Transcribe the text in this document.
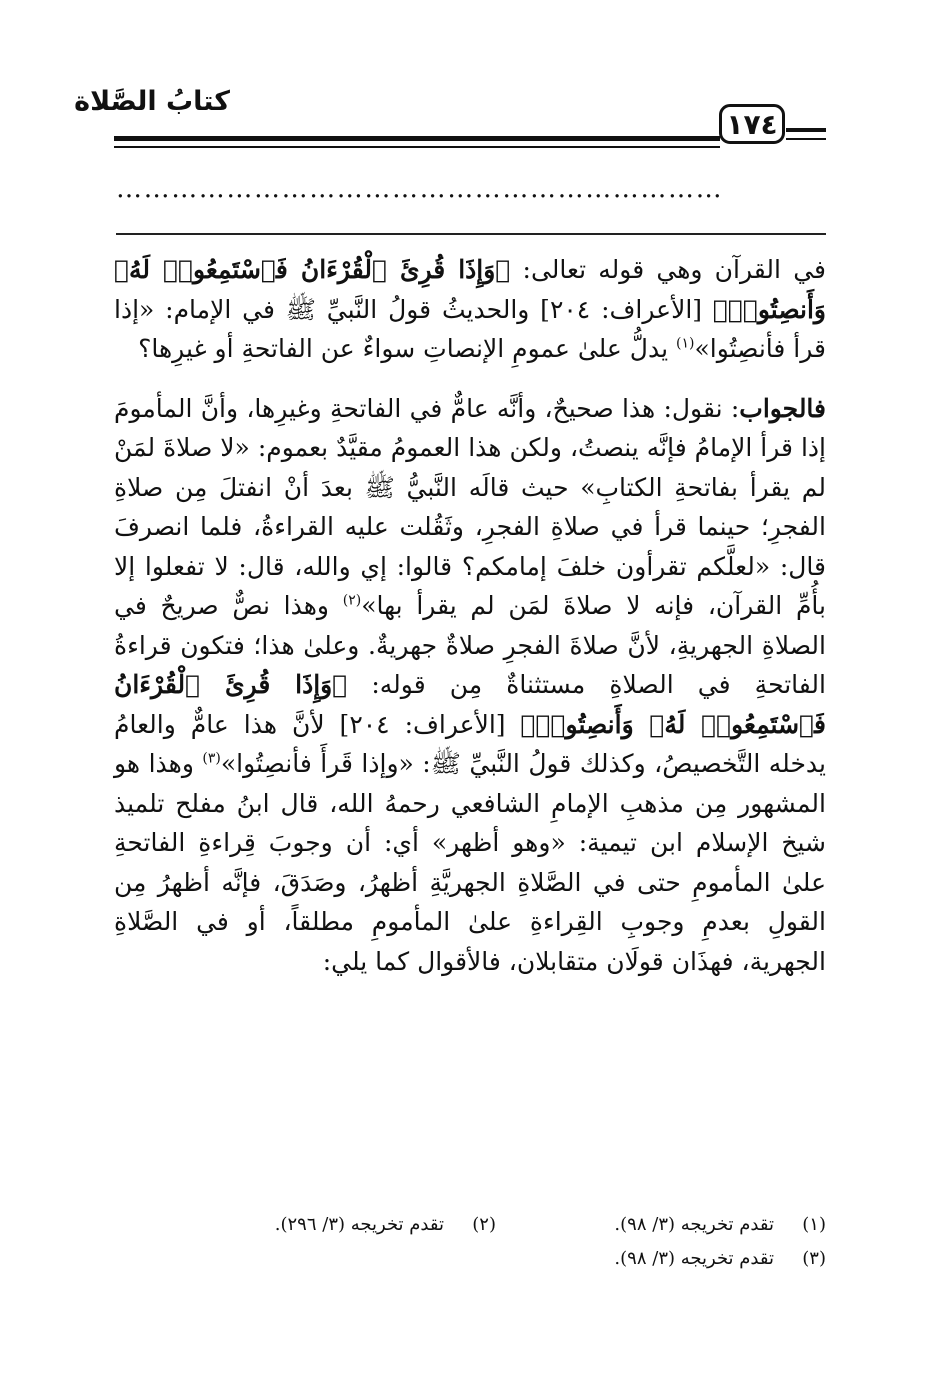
كتابُ الصَّلاة
١٧٤
…………………………………………………………

في القرآن وهي قوله تعالى: ﴿وَإِذَا قُرِئَ ٱلْقُرْءَانُ فَٱسْتَمِعُوا۟ لَهُۥ وَأَنصِتُوا۟﴾ [الأعراف: ٢٠٤] والحديثُ قولُ النَّبيِّ ﷺ في الإمام: «إذا قرأ فأنصِتُوا»$^{(١)}$ يدلُّ علىٰ عمومِ الإنصاتِ سواءٌ عن الفاتحةِ أو غيرِها؟

فالجواب: نقول: هذا صحيحٌ، وأنَّه عامٌّ في الفاتحةِ وغيرِها، وأنَّ المأمومَ إذا قرأ الإمامُ فإنَّه ينصتُ، ولكن هذا العمومُ مقيَّدٌ بعموم: «لا صلاةَ لمَنْ لم يقرأ بفاتحةِ الكتابِ» حيث قالَه النَّبيُّ ﷺ بعدَ أنْ انفتلَ مِن صلاةِ الفجرِ؛ حينما قرأ في صلاةِ الفجرِ، وثَقُلت عليه القراءةُ، فلما انصرفَ قال: «لعلَّكم تقرأون خلفَ إمامكم؟ قالوا: إي والله، قال: لا تفعلوا إلا بأُمِّ القرآن، فإنه لا صلاةَ لمَن لم يقرأ بها»$^{(٢)}$ وهذا نصٌّ صريحٌ في الصلاةِ الجهريةِ، لأنَّ صلاةَ الفجرِ صلاةٌ جهريةٌ. وعلىٰ هذا؛ فتكون قراءةُ الفاتحةِ في الصلاةِ مستثناةٌ مِن قوله: ﴿وَإِذَا قُرِئَ ٱلْقُرْءَانُ فَٱسْتَمِعُوا۟ لَهُۥ وَأَنصِتُوا۟﴾ [الأعراف: ٢٠٤] لأنَّ هذا عامٌّ والعامُ يدخله التَّخصيصُ، وكذلك قولُ النَّبيِّ ﷺ: «وإذا قَرأَ فأنصِتُوا»$^{(٣)}$ وهذا هو المشهور مِن مذهبِ الإمامِ الشافعي رحمهُ الله، قال ابنُ مفلح تلميذ شيخ الإسلام ابن تيمية: «وهو أظهر» أي: أن وجوبَ قِراءةِ الفاتحةِ علىٰ المأمومِ حتى في الصَّلاةِ الجهريَّةِ أظهرُ، وصَدَقَ، فإنَّه أظهرُ مِن القولِ بعدمِ وجوبِ القِراءةِ علىٰ المأمومِ مطلقاً، أو في الصَّلاةِ الجهرية، فهذَان قولَان متقابلان، فالأقوال كما يلي:

(١)تقدم تخريجه (٣/ ٩٨).
(٢)تقدم تخريجه (٣/ ٢٩٦).
(٣)تقدم تخريجه (٣/ ٩٨).
